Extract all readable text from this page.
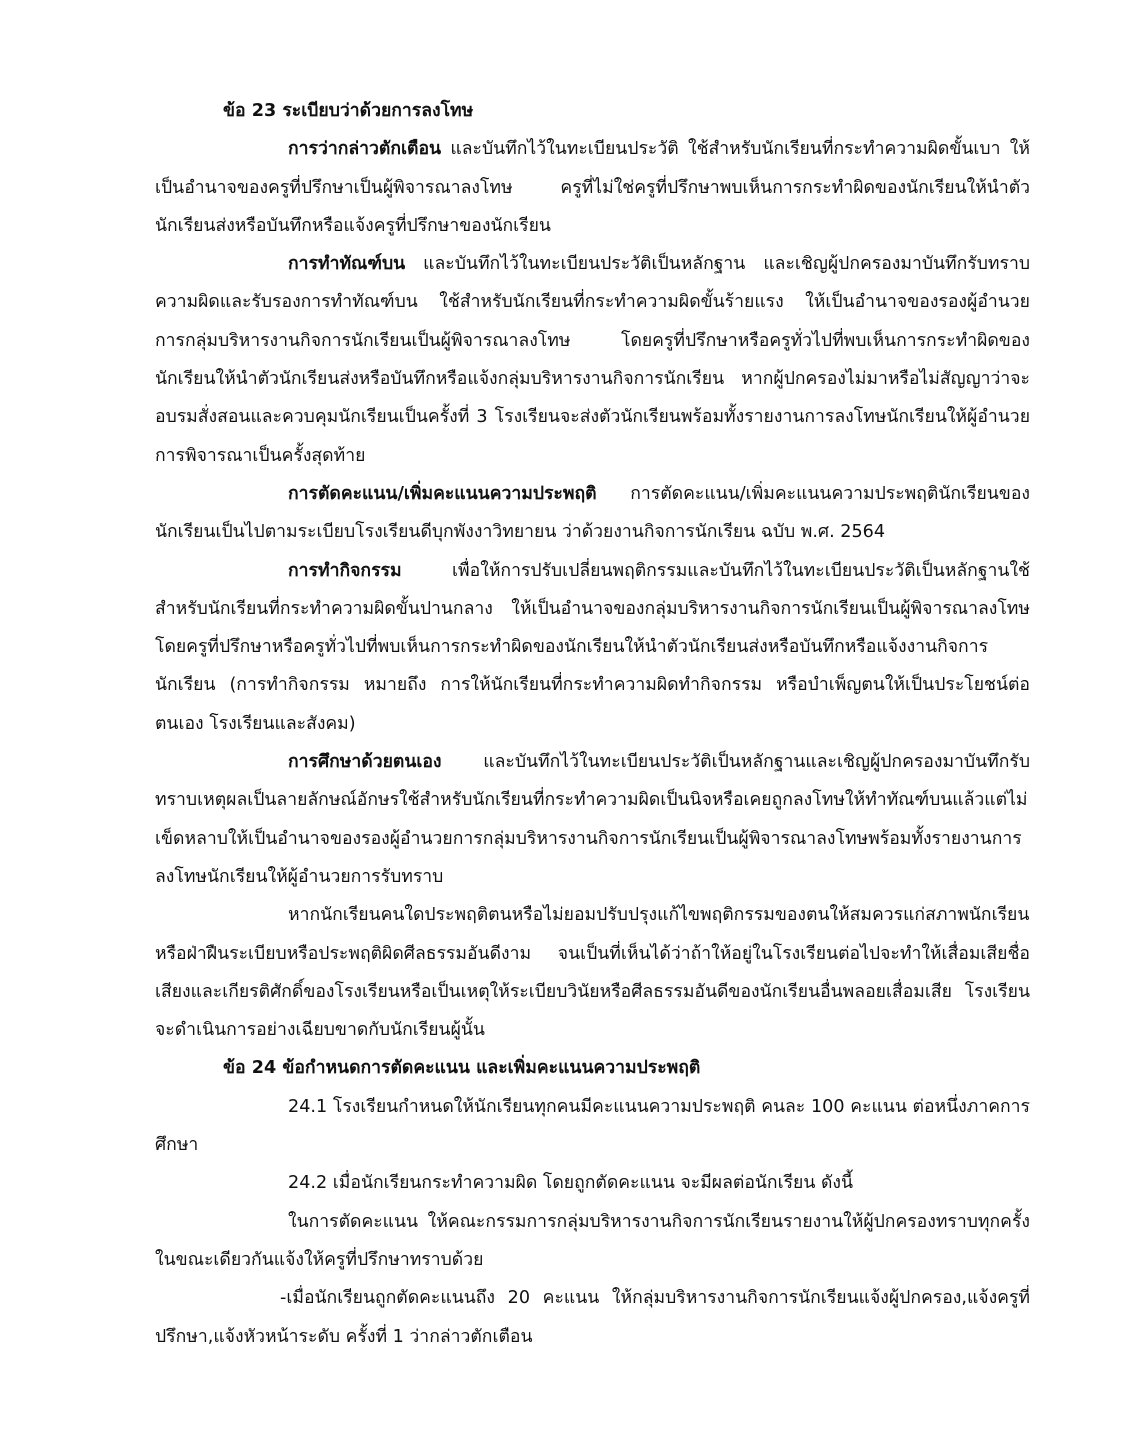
ข้อ 23 ระเบียบว่าด้วยการลงโทษ

การว่ากล่าวตักเตือน และบันทึกไว้ในทะเบียนประวัติ ใช้สำหรับนักเรียนที่กระทำความผิดขั้นเบา ให้เป็นอำนาจของครูที่ปรึกษาเป็นผู้พิจารณาลงโทษ ครูที่ไม่ใช่ครูที่ปรึกษาพบเห็นการกระทำผิดของนักเรียนให้นำตัวนักเรียนส่งหรือบันทึกหรือแจ้งครูที่ปรึกษาของนักเรียน

การทำทัณฑ์บน และบันทึกไว้ในทะเบียนประวัติเป็นหลักฐาน และเชิญผู้ปกครองมาบันทึกรับทราบความผิดและรับรองการทำทัณฑ์บน ใช้สำหรับนักเรียนที่กระทำความผิดขั้นร้ายแรง ให้เป็นอำนาจของรองผู้อำนวยการกลุ่มบริหารงานกิจการนักเรียนเป็นผู้พิจารณาลงโทษ โดยครูที่ปรึกษาหรือครูทั่วไปที่พบเห็นการกระทำผิดของนักเรียนให้นำตัวนักเรียนส่งหรือบันทึกหรือแจ้งกลุ่มบริหารงานกิจการนักเรียน หากผู้ปกครองไม่มาหรือไม่สัญญาว่าจะอบรมสั่งสอนและควบคุมนักเรียนเป็นครั้งที่ 3 โรงเรียนจะส่งตัวนักเรียนพร้อมทั้งรายงานการลงโทษนักเรียนให้ผู้อำนวยการพิจารณาเป็นครั้งสุดท้าย

การตัดคะแนน/เพิ่มคะแนนความประพฤติ การตัดคะแนน/เพิ่มคะแนนความประพฤตินักเรียนของนักเรียนเป็นไปตามระเบียบโรงเรียนดีบุกพังงาวิทยายน ว่าด้วยงานกิจการนักเรียน ฉบับ พ.ศ. 2564

การทำกิจกรรม เพื่อให้การปรับเปลี่ยนพฤติกรรมและบันทึกไว้ในทะเบียนประวัติเป็นหลักฐานใช้สำหรับนักเรียนที่กระทำความผิดขั้นปานกลาง ให้เป็นอำนาจของกลุ่มบริหารงานกิจการนักเรียนเป็นผู้พิจารณาลงโทษ โดยครูที่ปรึกษาหรือครูทั่วไปที่พบเห็นการกระทำผิดของนักเรียนให้นำตัวนักเรียนส่งหรือบันทึกหรือแจ้งงานกิจการนักเรียน (การทำกิจกรรม หมายถึง การให้นักเรียนที่กระทำความผิดทำกิจกรรม หรือบำเพ็ญตนให้เป็นประโยชน์ต่อตนเอง โรงเรียนและสังคม)

การศึกษาด้วยตนเอง และบันทึกไว้ในทะเบียนประวัติเป็นหลักฐานและเชิญผู้ปกครองมาบันทึกรับทราบเหตุผลเป็นลายลักษณ์อักษรใช้สำหรับนักเรียนที่กระทำความผิดเป็นนิจหรือเคยถูกลงโทษให้ทำทัณฑ์บนแล้วแต่ไม่เข็ดหลาบให้เป็นอำนาจของรองผู้อำนวยการกลุ่มบริหารงานกิจการนักเรียนเป็นผู้พิจารณาลงโทษพร้อมทั้งรายงานการลงโทษนักเรียนให้ผู้อำนวยการรับทราบ

หากนักเรียนคนใดประพฤติตนหรือไม่ยอมปรับปรุงแก้ไขพฤติกรรมของตนให้สมควรแก่สภาพนักเรียนหรือฝ่าฝืนระเบียบหรือประพฤติผิดศีลธรรมอันดีงาม จนเป็นที่เห็นได้ว่าถ้าให้อยู่ในโรงเรียนต่อไปจะทำให้เสื่อมเสียชื่อเสียงและเกียรติศักดิ์ของโรงเรียนหรือเป็นเหตุให้ระเบียบวินัยหรือศีลธรรมอันดีของนักเรียนอื่นพลอยเสื่อมเสีย โรงเรียนจะดำเนินการอย่างเฉียบขาดกับนักเรียนผู้นั้น

ข้อ 24 ข้อกำหนดการตัดคะแนน และเพิ่มคะแนนความประพฤติ

24.1 โรงเรียนกำหนดให้นักเรียนทุกคนมีคะแนนความประพฤติ คนละ 100 คะแนน ต่อหนึ่งภาคการศึกษา

24.2 เมื่อนักเรียนกระทำความผิด โดยถูกตัดคะแนน จะมีผลต่อนักเรียน ดังนี้

ในการตัดคะแนน ให้คณะกรรมการกลุ่มบริหารงานกิจการนักเรียนรายงานให้ผู้ปกครองทราบทุกครั้ง ในขณะเดียวกันแจ้งให้ครูที่ปรึกษาทราบด้วย

-เมื่อนักเรียนถูกตัดคะแนนถึง 20 คะแนน ให้กลุ่มบริหารงานกิจการนักเรียนแจ้งผู้ปกครอง,แจ้งครูที่ปรึกษา,แจ้งหัวหน้าระดับ ครั้งที่ 1 ว่ากล่าวตักเตือน
